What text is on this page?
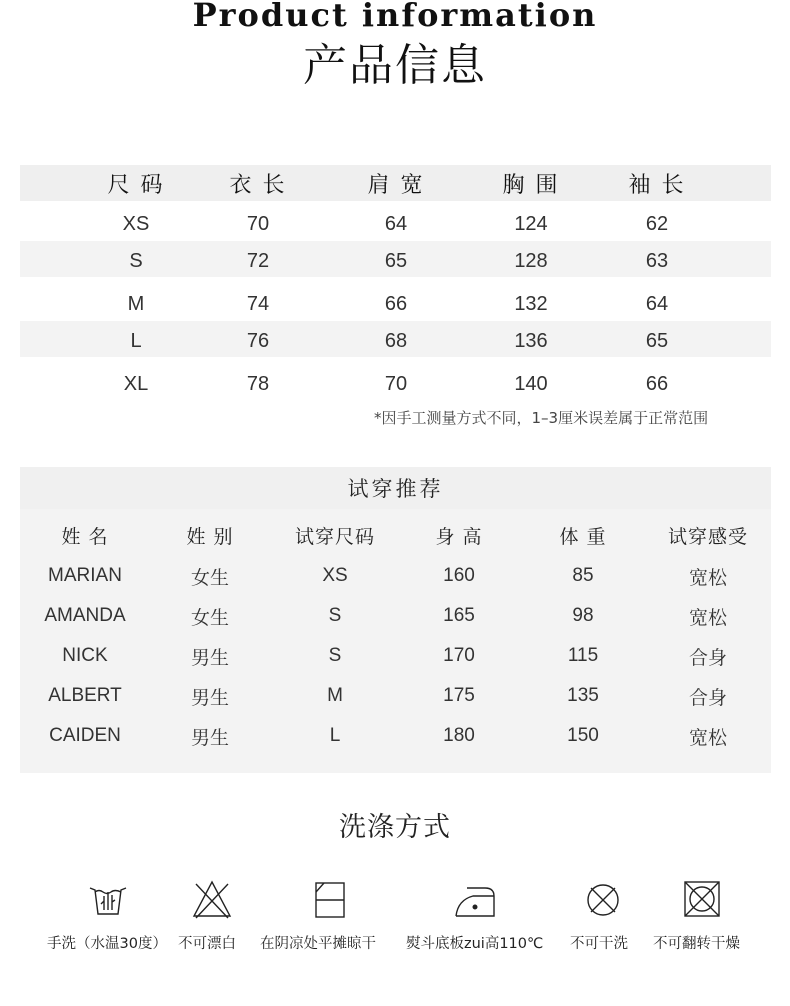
Product information
产品信息
尺 码	衣 长	肩 宽	胸 围	袖 长
XS	70	64	124	62
S	72	65	128	63
M	74	66	132	64
L	76	68	136	65
XL	78	70	140	66
*因手工测量方式不同，1–3厘米误差属于正常范围
试穿推荐
姓 名	姓 别	试穿尺码	身 高	体 重	试穿感受
MARIAN	女生	XS	160	85	宽松
AMANDA	女生	S	165	98	宽松
NICK	男生	S	170	115	合身
ALBERT	男生	M	175	135	合身
CAIDEN	男生	L	180	150	宽松
洗涤方式
手洗（水温30度） 不可漂白 在阴凉处平摊晾干 熨斗底板zui高110℃ 不可干洗 不可翻转干燥
